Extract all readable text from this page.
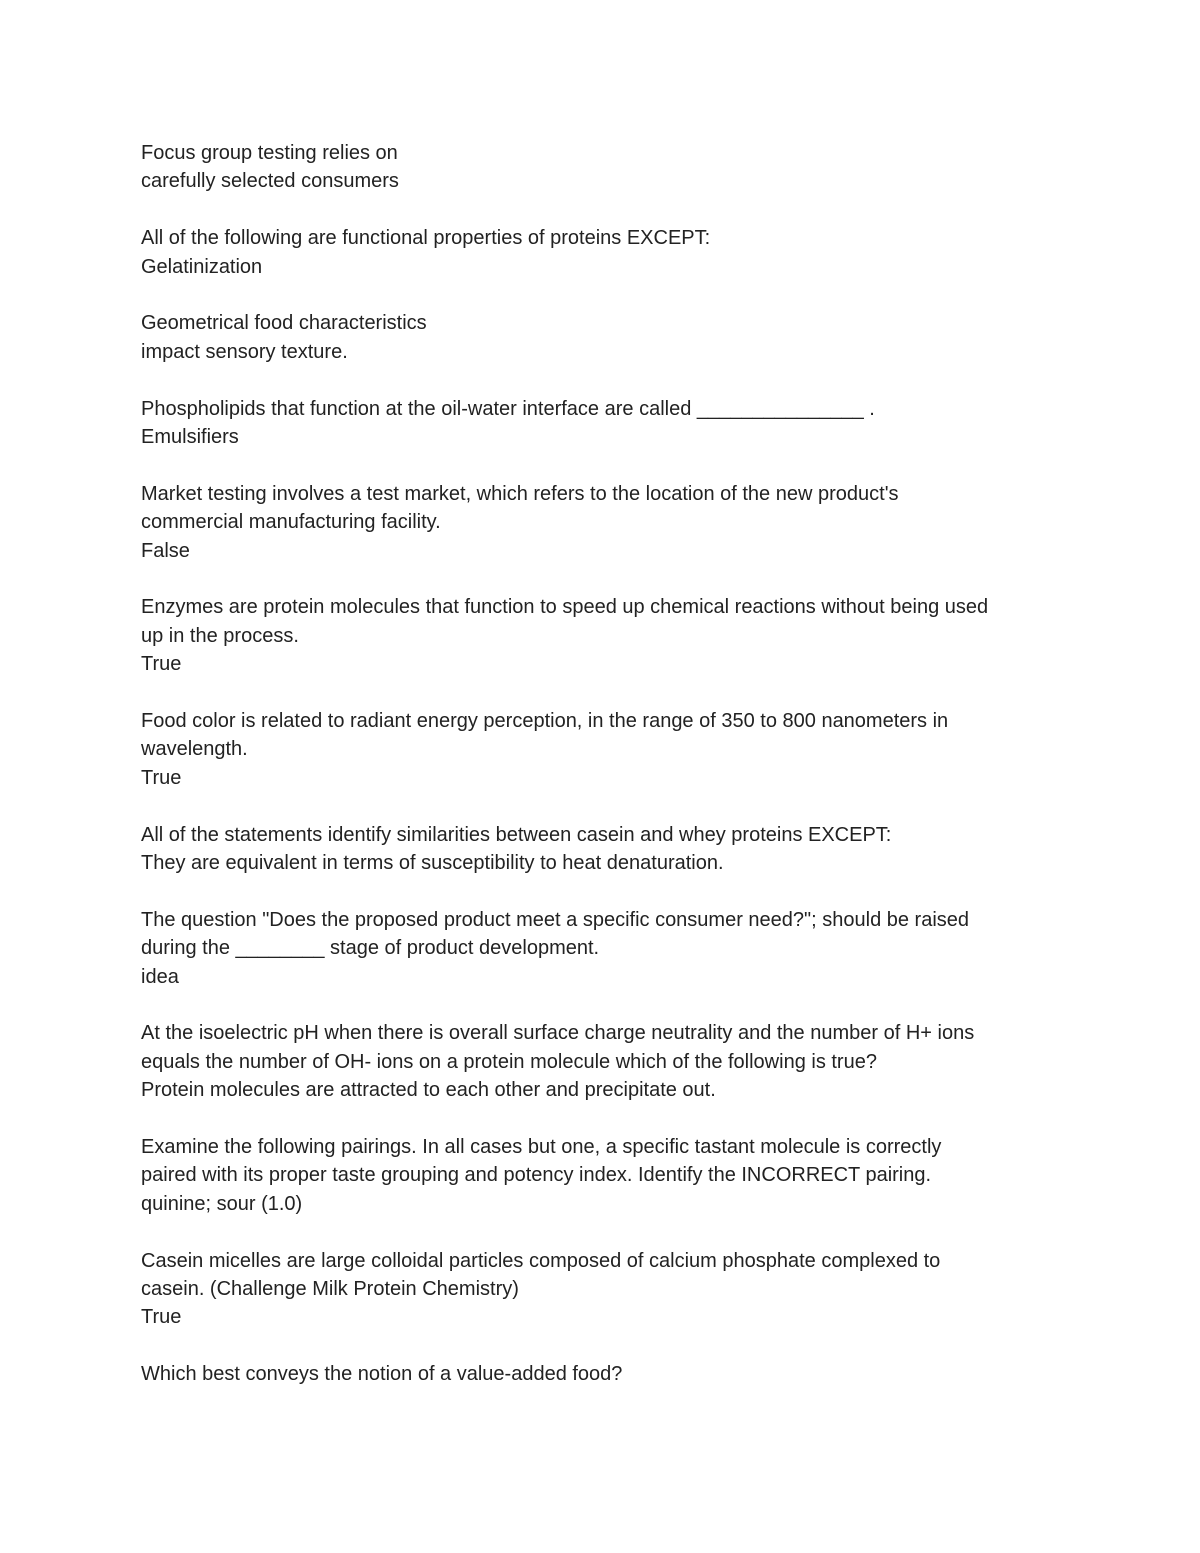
Focus group testing relies on
carefully selected consumers
All of the following are functional properties of proteins EXCEPT:
Gelatinization
Geometrical food characteristics
impact sensory texture.
Phospholipids that function at the oil-water interface are called _______________ .
Emulsifiers
Market testing involves a test market, which refers to the location of the new product's
commercial manufacturing facility.
False
Enzymes are protein molecules that function to speed up chemical reactions without being used
up in the process.
True
Food color is related to radiant energy perception, in the range of 350 to 800 nanometers in
wavelength.
True
All of the statements identify similarities between casein and whey proteins EXCEPT:
They are equivalent in terms of susceptibility to heat denaturation.
The question "Does the proposed product meet a specific consumer need?"; should be raised
during the ________ stage of product development.
idea
At the isoelectric pH when there is overall surface charge neutrality and the number of H+ ions
equals the number of OH- ions on a protein molecule which of the following is true?
Protein molecules are attracted to each other and precipitate out.
Examine the following pairings. In all cases but one, a specific tastant molecule is correctly
paired with its proper taste grouping and potency index. Identify the INCORRECT pairing.
quinine; sour (1.0)
Casein micelles are large colloidal particles composed of calcium phosphate complexed to
casein. (Challenge Milk Protein Chemistry)
True
Which best conveys the notion of a value-added food?
